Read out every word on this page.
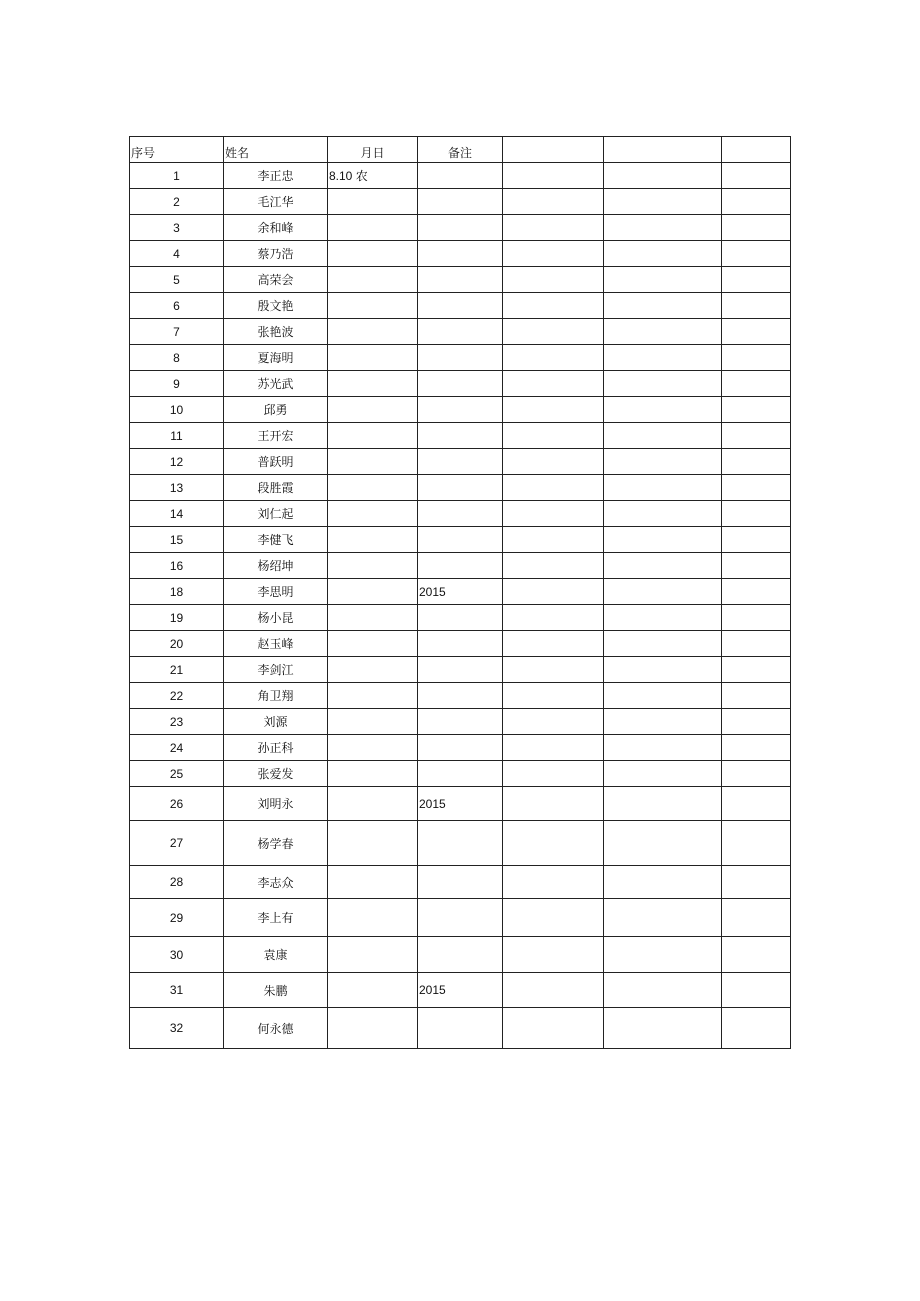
序号	姓名	月日	备注			
1	李正忠	8.10 农				
2	毛江华					
3	余和峰					
4	蔡乃浩					
5	高荣会					
6	殷文艳					
7	张艳波					
8	夏海明					
9	苏光武					
10	邱勇					
11	王开宏					
12	普跃明					
13	段胜霞					
14	刘仁起					
15	李健飞					
16	杨绍坤					
18	李思明		2015			
19	杨小昆					
20	赵玉峰					
21	李剑江					
22	角卫翔					
23	刘源					
24	孙正科					
25	张爱发					
26	刘明永		2015			
27	杨学春					
28	李志众					
29	李上有					
30	袁康					
31	朱鹏		2015			
32	何永德					
